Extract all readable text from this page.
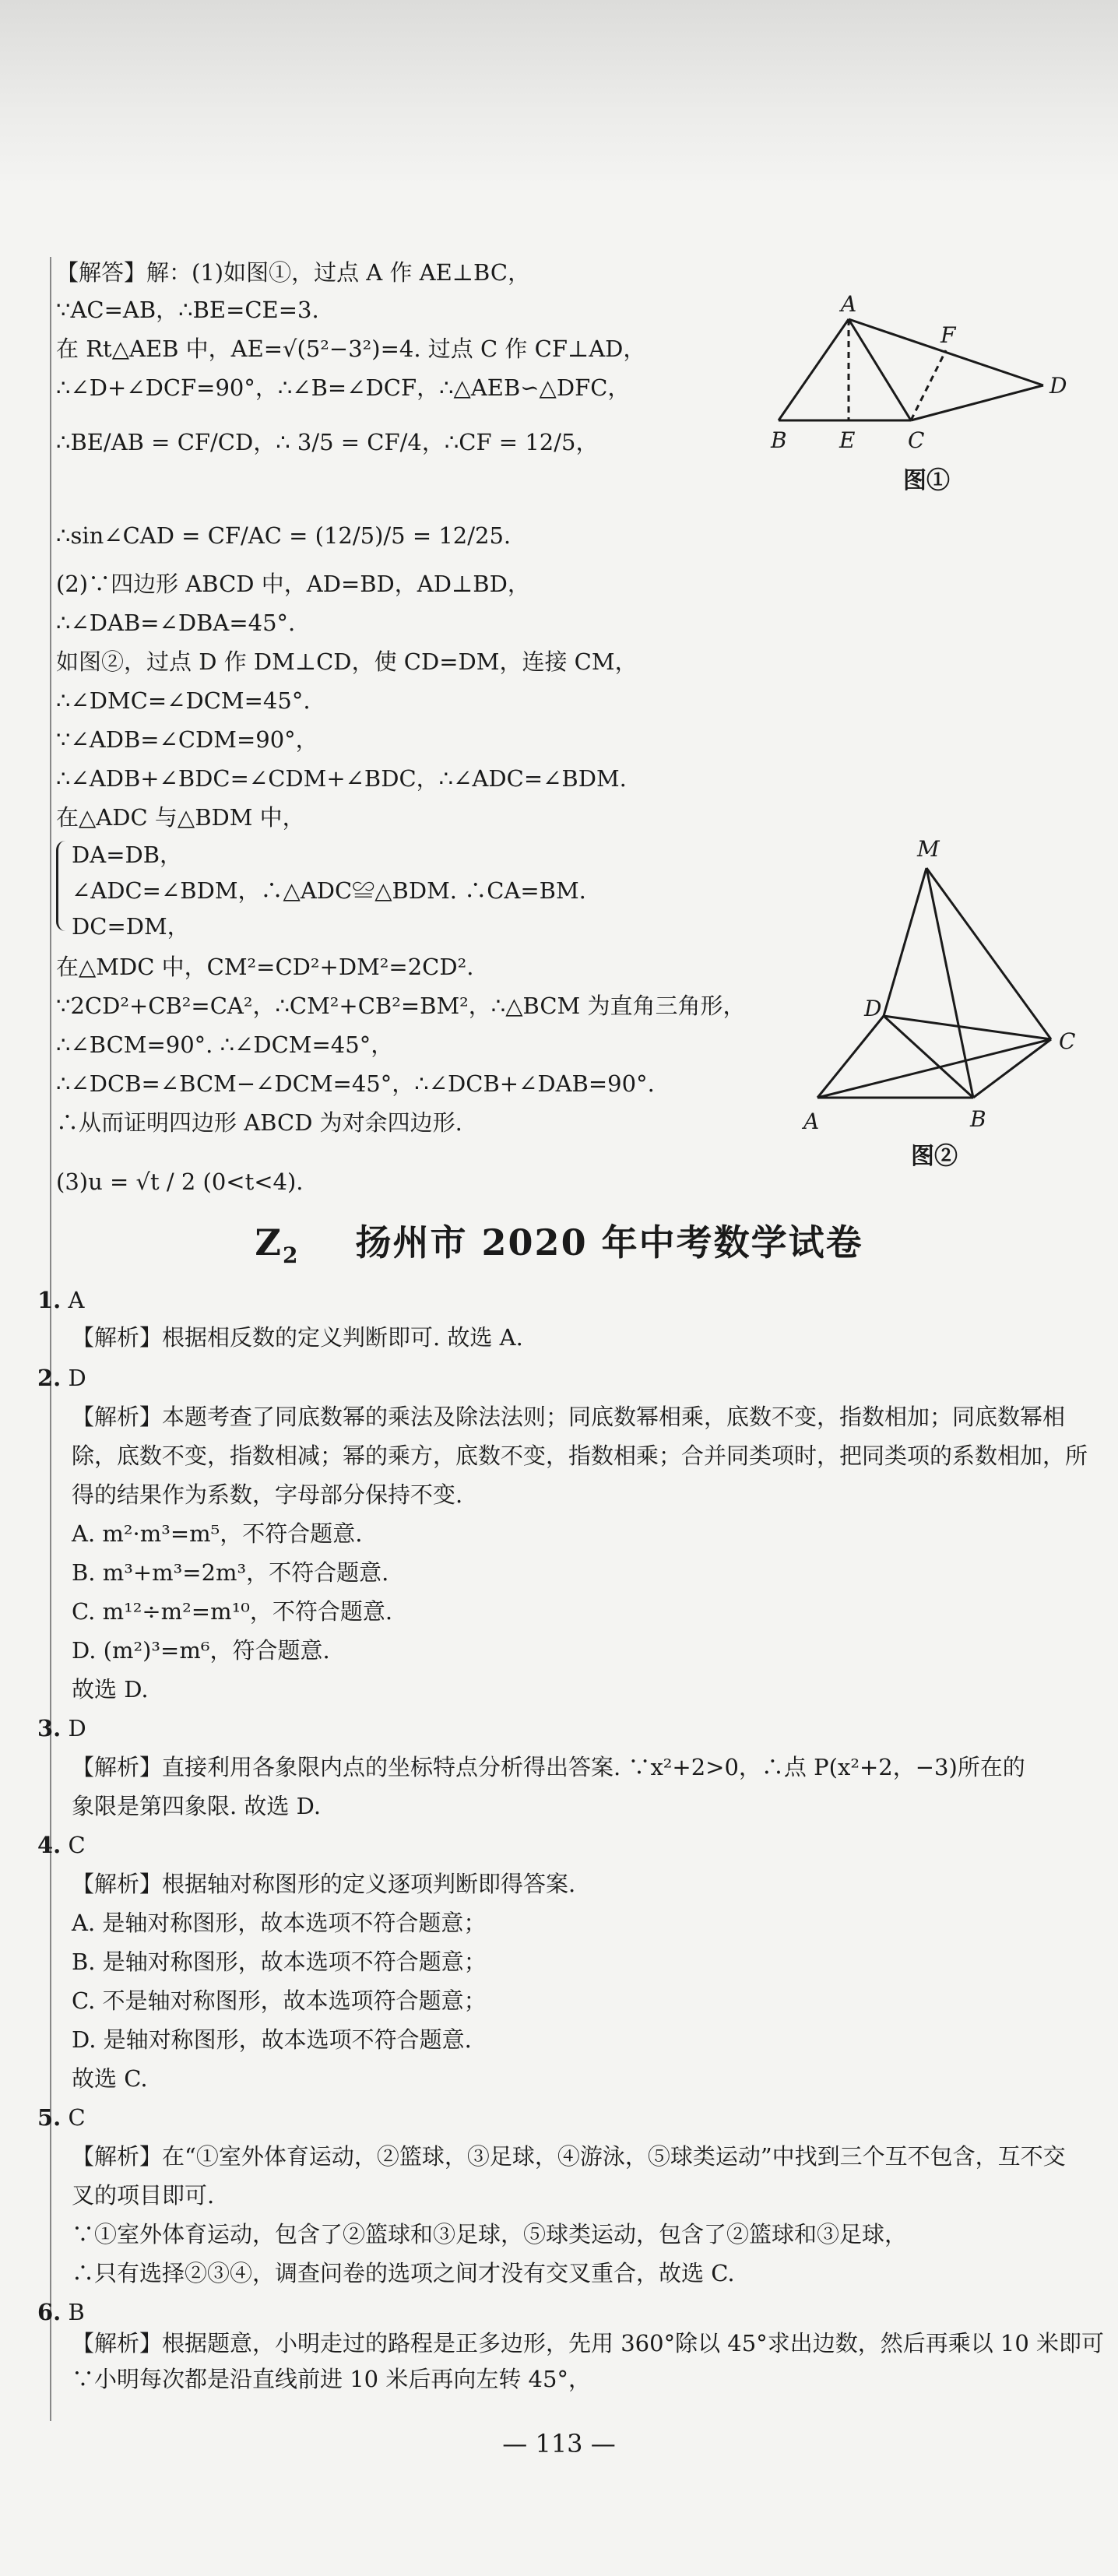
【解答】解：(1)如图①，过点 A 作 AE⊥BC，
∵AC=AB，∴BE=CE=3.
在 Rt△AEB 中，AE=√(5²−3²)=4. 过点 C 作 CF⊥AD，
∴∠D+∠DCF=90°，∴∠B=∠DCF，∴△AEB∽△DFC，
∴BE/AB = CF/CD，∴ 3/5 = CF/4，∴CF = 12/5，
∴sin∠CAD = CF/AC = (12/5)/5 = 12/25.
(2)∵四边形 ABCD 中，AD=BD，AD⊥BD，
∴∠DAB=∠DBA=45°.
如图②，过点 D 作 DM⊥CD，使 CD=DM，连接 CM，
∴∠DMC=∠DCM=45°.
∵∠ADB=∠CDM=90°，
∴∠ADB+∠BDC=∠CDM+∠BDC，∴∠ADC=∠BDM.
在△ADC 与△BDM 中，
DA=DB，
∠ADC=∠BDM，∴△ADC≌△BDM. ∴CA=BM.
DC=DM，
在△MDC 中，CM²=CD²+DM²=2CD².
∵2CD²+CB²=CA²，∴CM²+CB²=BM²，∴△BCM 为直角三角形，
∴∠BCM=90°. ∴∠DCM=45°，
∴∠DCB=∠BCM−∠DCM=45°，∴∠DCB+∠DAB=90°.
∴从而证明四边形 ABCD 为对余四边形.
(3)u = √t / 2 (0<t<4).
A
B E C
F
D
图①
M
D
C
A	B
图②
$Z_2$ 扬州市 2020 年中考数学试卷
1. A
【解析】根据相反数的定义判断即可. 故选 A.
2. D
【解析】本题考查了同底数幂的乘法及除法法则；同底数幂相乘，底数不变，指数相加；同底数幂相
除，底数不变，指数相减；幂的乘方，底数不变，指数相乘；合并同类项时，把同类项的系数相加，所
得的结果作为系数，字母部分保持不变.
A. m²·m³=m⁵，不符合题意.
B. m³+m³=2m³，不符合题意.
C. m¹²÷m²=m¹⁰，不符合题意.
D. (m²)³=m⁶，符合题意.
故选 D.
3. D
【解析】直接利用各象限内点的坐标特点分析得出答案. ∵x²+2>0，∴点 P(x²+2，−3)所在的
象限是第四象限. 故选 D.
4. C
【解析】根据轴对称图形的定义逐项判断即得答案.
A. 是轴对称图形，故本选项不符合题意；
B. 是轴对称图形，故本选项不符合题意；
C. 不是轴对称图形，故本选项符合题意；
D. 是轴对称图形，故本选项不符合题意.
故选 C.
5. C
【解析】在“①室外体育运动，②篮球，③足球，④游泳，⑤球类运动”中找到三个互不包含，互不交
叉的项目即可.
∵①室外体育运动，包含了②篮球和③足球，⑤球类运动，包含了②篮球和③足球，
∴只有选择②③④，调查问卷的选项之间才没有交叉重合，故选 C.
6. B
【解析】根据题意，小明走过的路程是正多边形，先用 360°除以 45°求出边数，然后再乘以 10 米即可
∵小明每次都是沿直线前进 10 米后再向左转 45°，
— 113 —
